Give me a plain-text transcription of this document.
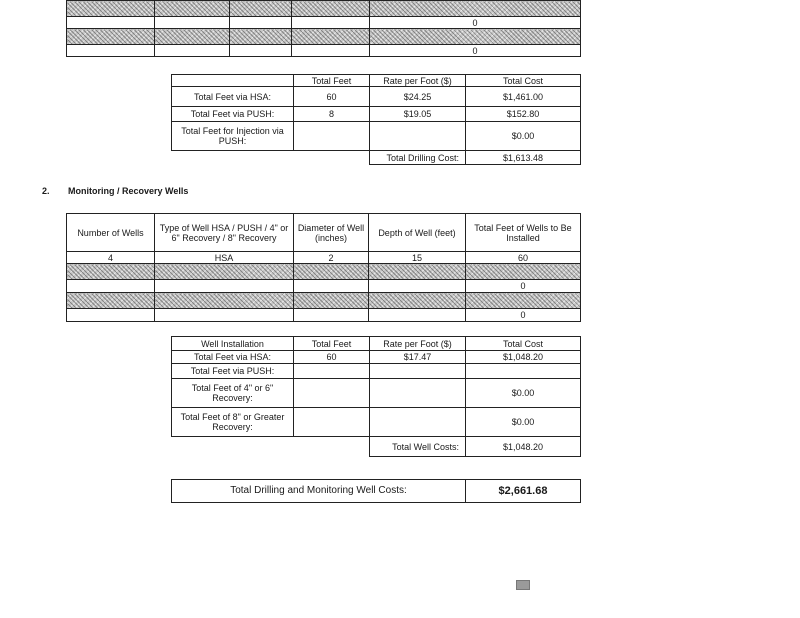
				0

				0
	Total Feet	Rate per Foot ($)	Total Cost
Total Feet via HSA:	60	$24.25	$1,461.00
Total Feet via PUSH:	8	$19.05	$152.80
Total Feet for Injection via PUSH:			$0.00
		Total Drilling Cost:	$1,613.48
2. Monitoring / Recovery Wells
Number of Wells	Type of Well HSA / PUSH / 4" or 6" Recovery / 8" Recovery	Diameter of Well (inches)	Depth of Well (feet)	Total Feet of Wells to Be Installed
4	HSA	2	15	60

				0

				0
Well Installation	Total Feet	Rate per Foot ($)	Total Cost
Total Feet via HSA:	60	$17.47	$1,048.20
Total Feet via PUSH:			
Total Feet of 4" or 6" Recovery:			$0.00
Total Feet of 8" or Greater Recovery:			$0.00
		Total Well Costs:	$1,048.20
Total Drilling and Monitoring Well Costs:	$2,661.68
